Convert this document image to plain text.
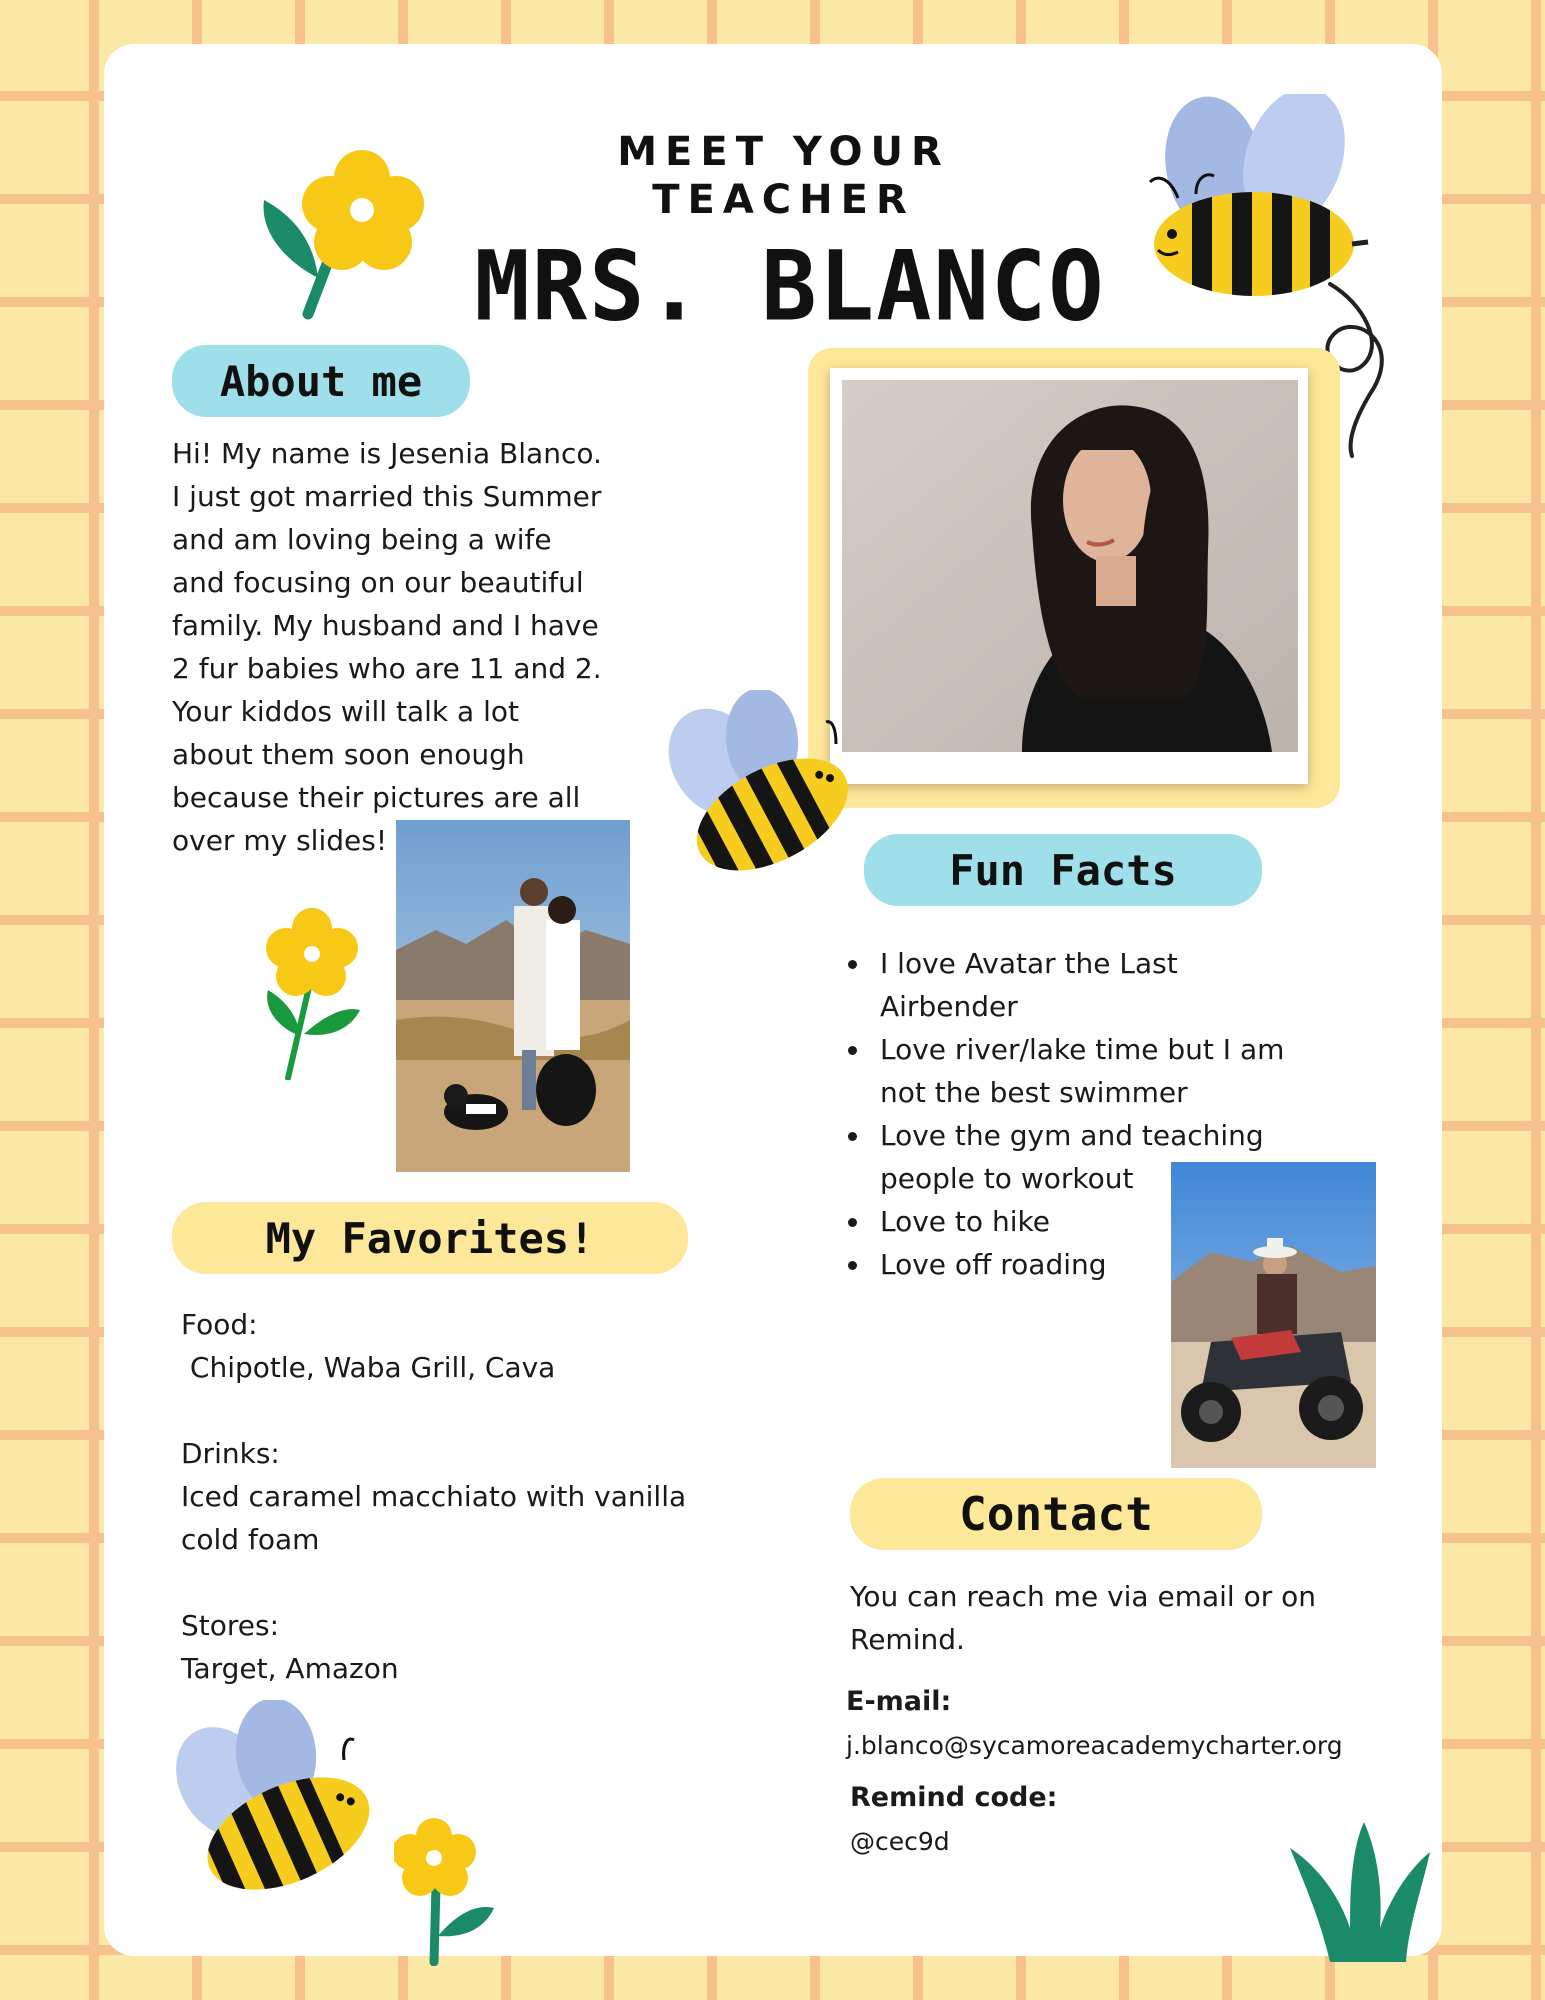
MEET YOUR
TEACHER
MRS. BLANCO
About me
Hi! My name is Jesenia Blanco.
I just got married this Summer
and am loving being a wife
and focusing on our beautiful
family. My husband and I have
2 fur babies who are 11 and 2.
Your kiddos will talk a lot
about them soon enough
because their pictures are all
over my slides!
Fun Facts
I love Avatar the Last
Airbender
Love river/lake time but I am
not the best swimmer
Love the gym and teaching
people to workout
Love to hike
Love off roading
My Favorites!

Food:

Chipotle, Waba Grill, Cava

Drinks:

Iced caramel macchiato with vanilla

cold foam

Stores:

Target, Amazon

Contact
You can reach me via email or on
Remind.
E-mail:
j.blanco@sycamoreacademycharter.org
Remind code:
@cec9d
